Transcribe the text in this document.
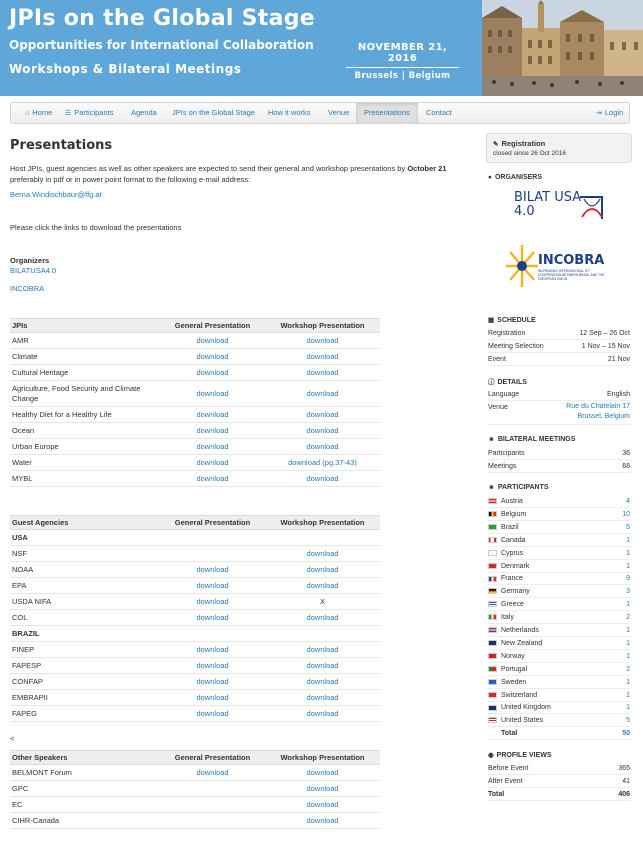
JPIs on the Global Stage
Opportunities for International Collaboration
Workshops & Bilateral Meetings
NOVEMBER 21, 2016
Brussels | Belgium
⌂ Home	☰ Participants	Agenda	JPIs on the Global Stage	How it works	Venue	Presentations	Contact	⇥ Login
Presentations
Host JPIs, guest agencies as well as other speakers are expected to send their general and workshop presentations by October 21 preferably in pdf or in power point format to the following e-mail address:
Berna.Windischbaur@ffg.at
Please click the links to download the presentations
Organizers
BILATUSA4.0
INCOBRA
JPIs	General Presentation	Workshop Presentation
AMR	download	download
Climate	download	download
Cultural Heritage	download	download
Agriculture, Food Security and Climate Change	download	download
Healthy Diet for a Healthy Life	download	download
Ocean	download	download
Urban Europe	download	download
Water	download	download (pg.37-43)
MYBL	download	download
Guest Agencies	General Presentation	Workshop Presentation
USA		
NSF		download
NOAA	download	download
EPA	download	download
USDA NIFA	download	X
COL	download	download
BRAZIL		
FINEP	download	download
FAPESP	download	download
CONFAP	download	download
EMBRAPII	download	download
FAPEG	download	download
<
Other Speakers	General Presentation	Workshop Presentation
BELMONT Forum	download	download
GPC		download
EC		download
CIHR-Canada		download
✎ Registration
closed since 26 Oct 2016
● ORGANISERS
BILAT USA 4.0
INCOBRA
INCREASING INTERNATIONAL ICT COOPERATION BETWEEN BRAZIL AND THE EUROPEAN UNION
▦ SCHEDULE
Registration	12 Sep – 26 Oct
Meeting Selection	1 Nov – 15 Nov
Event	21 Nov
ⓘ DETAILS
Language	English
Venue	Rue du Chatelain 17
Brussel, Belgium
☻ BILATERAL MEETINGS
Participants	36
Meetings	68
☻ PARTICIPANTS
Austria	4
Belgium	10
Brazil	5
Canada	1
Cyprus	1
Denmark	1
France	9
Germany	3
Greece	1
Italy	2
Netherlands	1
New Zealand	1
Norway	1
Portugal	2
Sweden	1
Switzerland	1
United Kingdom	1
United States	5
Total	50
◉ PROFILE VIEWS
Before Event	365
After Event	41
Total	406
